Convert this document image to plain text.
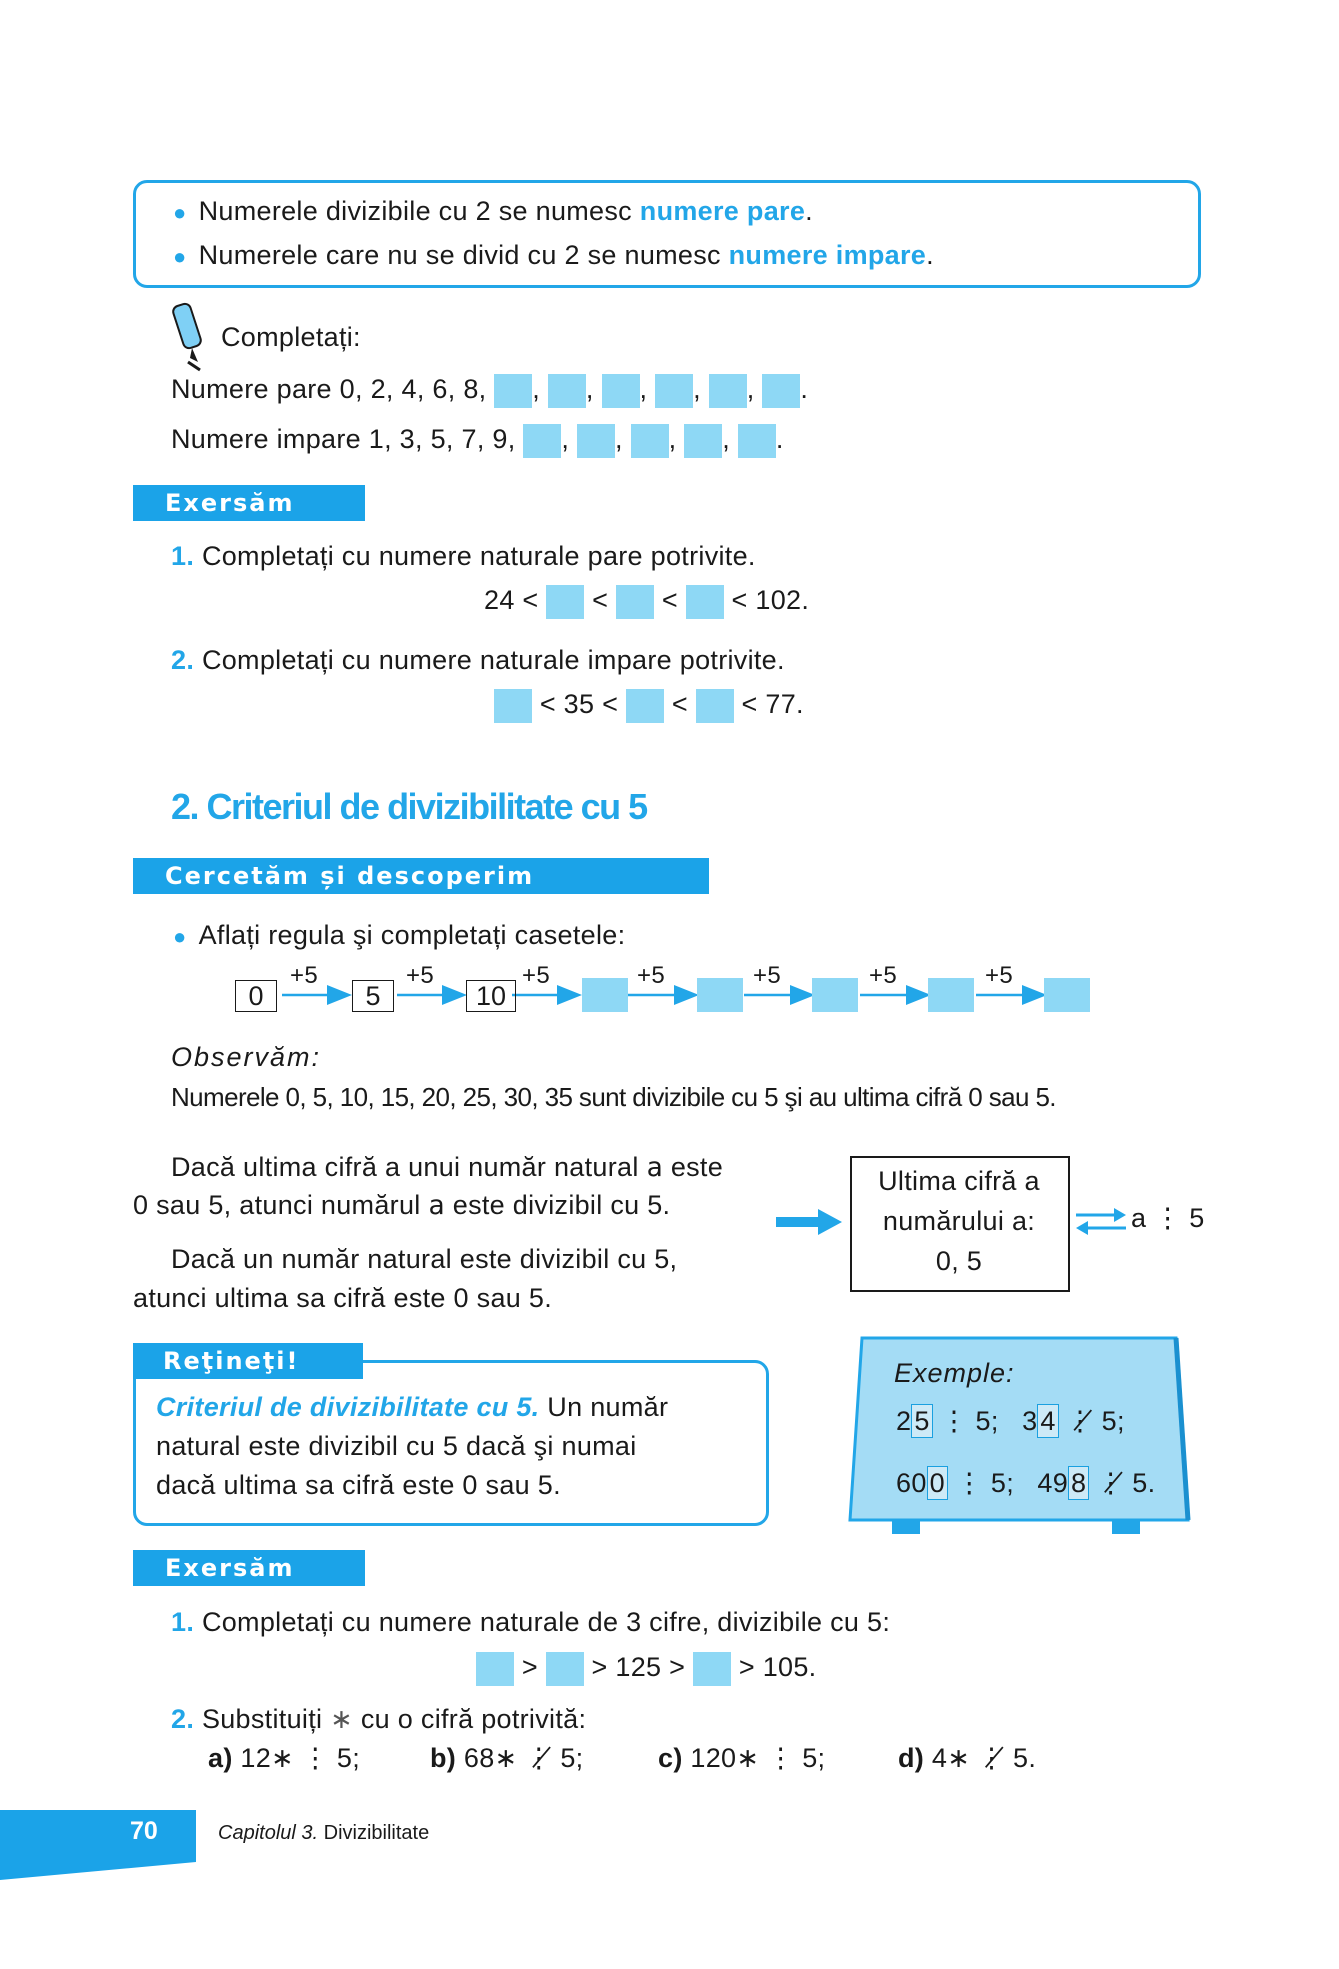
● Numerele divizibile cu 2 se numesc numere pare.
● Numerele care nu se divid cu 2 se numesc numere impare.
Completați:
Numere pare 0, 2, 4, 6, 8, , , , , , .
Numere impare 1, 3, 5, 7, 9, , , , , .
Exersăm
1. Completați cu numere naturale pare potrivite.
24 < < < < 102.
2. Completați cu numere naturale impare potrivite.
< 35 < < < 77.
2. Criteriul de divizibilitate cu 5
Cercetăm și descoperim
● Aflați regula şi completați casetele:
0	5	10
+5	+5	+5	+5	+5	+5	+5
Observăm:
Numerele 0, 5, 10, 15, 20, 25, 30, 35 sunt divizibile cu 5 şi au ultima cifră 0 sau 5.
Dacă ultima cifră a unui număr natural a este
0 sau 5, atunci numărul a este divizibil cu 5.
Dacă un număr natural este divizibil cu 5,
atunci ultima sa cifră este 0 sau 5.
Ultima cifră a
numărului a:
0, 5
a ⋮ 5
Reţineţi!
Criteriul de divizibilitate cu 5. Un număr
natural este divizibil cu 5 dacă şi numai
dacă ultima sa cifră este 0 sau 5.
Exemple:
2 5 ⋮ 5; 3 4 ⋮̸ 5;
60 0 ⋮ 5; 49 8 ⋮̸ 5.
Exersăm
1. Completați cu numere naturale de 3 cifre, divizibile cu 5:
> > 125 > > 105.
2. Substituiți ∗ cu o cifră potrivită:
a) 12∗ ⋮ 5;	b) 68∗ ⋮̸ 5;	c) 120∗ ⋮ 5;	d) 4∗ ⋮̸ 5.
70	Capitolul 3. Divizibilitate
